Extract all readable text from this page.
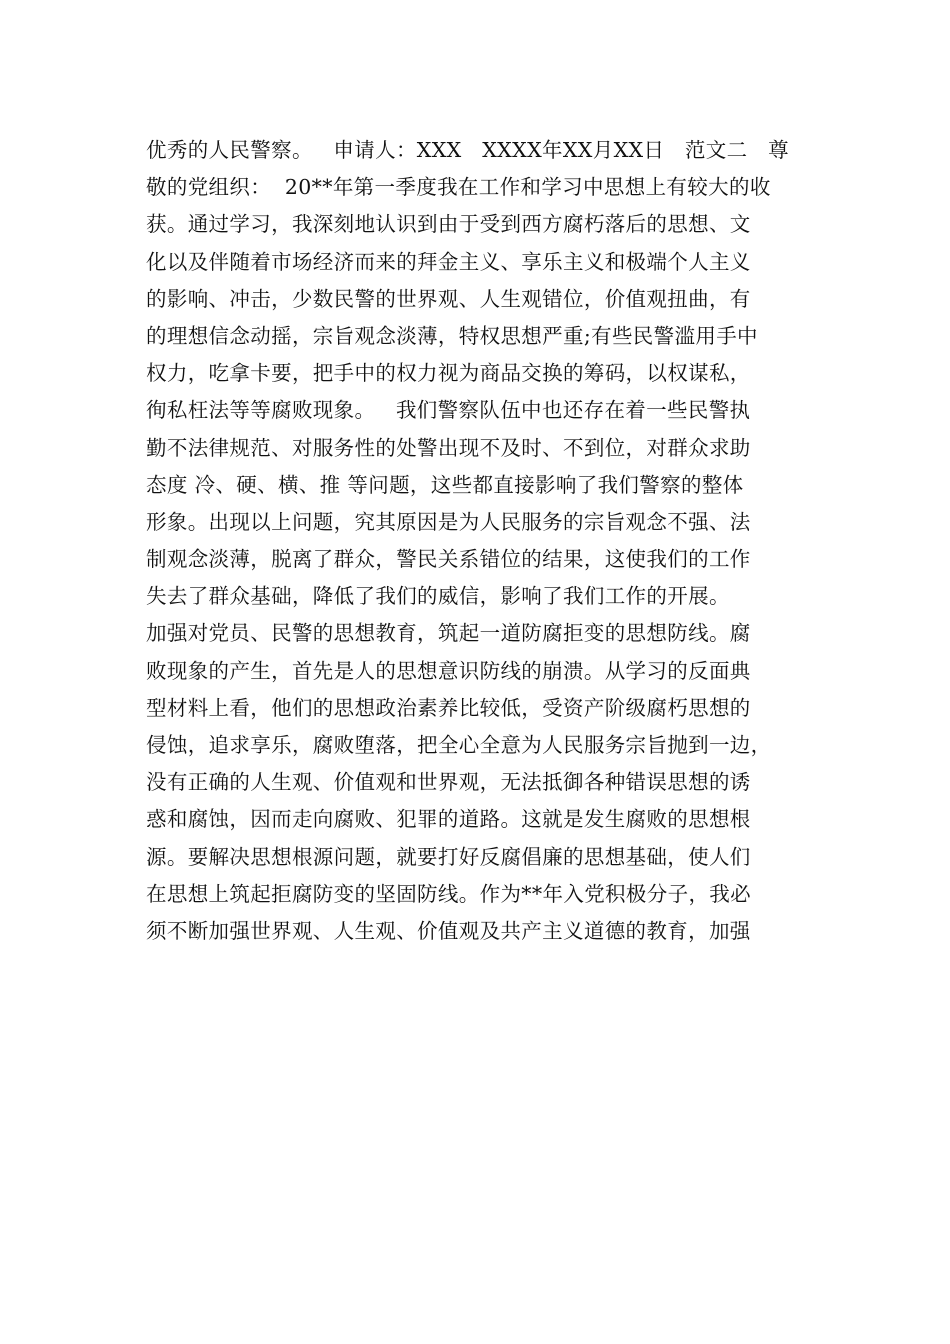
优秀的人民警察。   申请人：XXX   XXXX年XX月XX日   范文二   尊
敬的党组织：  20**年第一季度我在工作和学习中思想上有较大的收
获。通过学习，我深刻地认识到由于受到西方腐朽落后的思想、文
化以及伴随着市场经济而来的拜金主义、享乐主义和极端个人主义
的影响、冲击，少数民警的世界观、人生观错位，价值观扭曲，有
的理想信念动摇，宗旨观念淡薄，特权思想严重;有些民警滥用手中
权力，吃拿卡要，把手中的权力视为商品交换的筹码，以权谋私，
徇私枉法等等腐败现象。   我们警察队伍中也还存在着一些民警执
勤不法律规范、对服务性的处警出现不及时、不到位，对群众求助
态度 冷、硬、横、推 等问题，这些都直接影响了我们警察的整体
形象。出现以上问题，究其原因是为人民服务的宗旨观念不强、法
制观念淡薄，脱离了群众，警民关系错位的结果，这使我们的工作
失去了群众基础，降低了我们的威信，影响了我们工作的开展。
加强对党员、民警的思想教育，筑起一道防腐拒变的思想防线。腐
败现象的产生，首先是人的思想意识防线的崩溃。从学习的反面典
型材料上看，他们的思想政治素养比较低，受资产阶级腐朽思想的
侵蚀，追求享乐，腐败堕落，把全心全意为人民服务宗旨抛到一边，
没有正确的人生观、价值观和世界观，无法抵御各种错误思想的诱
惑和腐蚀，因而走向腐败、犯罪的道路。这就是发生腐败的思想根
源。要解决思想根源问题，就要打好反腐倡廉的思想基础，使人们
在思想上筑起拒腐防变的坚固防线。作为**年入党积极分子，我必
须不断加强世界观、人生观、价值观及共产主义道德的教育，加强
